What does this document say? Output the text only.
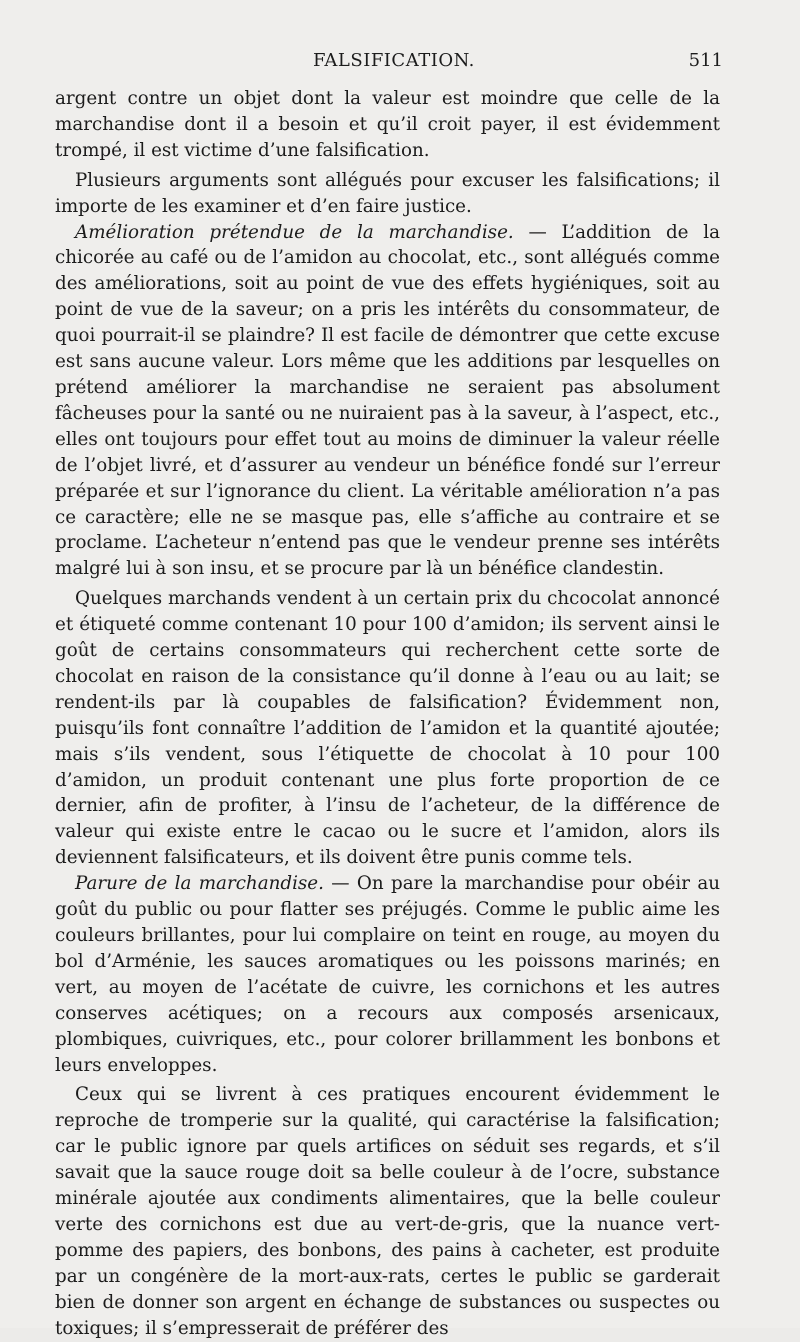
FALSIFICATION.	511

argent contre un objet dont la valeur est moindre que celle de la marchandise dont il a besoin et qu’il croit payer, il est évidemment trompé, il est victime d’une falsification.

Plusieurs arguments sont allégués pour excuser les falsifications; il importe de les examiner et d’en faire justice.

Amélioration prétendue de la marchandise. — L’addition de la chicorée au café ou de l’amidon au chocolat, etc., sont allégués comme des améliorations, soit au point de vue des effets hygiéniques, soit au point de vue de la saveur; on a pris les intérêts du consommateur, de quoi pourrait-il se plaindre? Il est facile de démontrer que cette excuse est sans aucune valeur. Lors même que les additions par lesquelles on prétend améliorer la marchandise ne seraient pas absolument fâcheuses pour la santé ou ne nuiraient pas à la saveur, à l’aspect, etc., elles ont toujours pour effet tout au moins de diminuer la valeur réelle de l’objet livré, et d’assurer au vendeur un bénéfice fondé sur l’erreur préparée et sur l’ignorance du client. La véritable amélioration n’a pas ce caractère; elle ne se masque pas, elle s’affiche au contraire et se proclame. L’acheteur n’entend pas que le vendeur prenne ses intérêts malgré lui à son insu, et se procure par là un bénéfice clandestin.

Quelques marchands vendent à un certain prix du chcocolat annoncé et étiqueté comme contenant 10 pour 100 d’amidon; ils servent ainsi le goût de certains consommateurs qui recherchent cette sorte de chocolat en raison de la consistance qu’il donne à l’eau ou au lait; se rendent-ils par là coupables de falsification? Évidemment non, puisqu’ils font connaître l’addition de l’amidon et la quantité ajoutée; mais s’ils vendent, sous l’étiquette de chocolat à 10 pour 100 d’amidon, un produit contenant une plus forte proportion de ce dernier, afin de profiter, à l’insu de l’acheteur, de la différence de valeur qui existe entre le cacao ou le sucre et l’amidon, alors ils deviennent falsificateurs, et ils doivent être punis comme tels.

Parure de la marchandise. — On pare la marchandise pour obéir au goût du public ou pour flatter ses préjugés. Comme le public aime les couleurs brillantes, pour lui complaire on teint en rouge, au moyen du bol d’Arménie, les sauces aromatiques ou les poissons marinés; en vert, au moyen de l’acétate de cuivre, les cornichons et les autres conserves acétiques; on a recours aux composés arsenicaux, plombiques, cuivriques, etc., pour colorer brillamment les bonbons et leurs enveloppes.

Ceux qui se livrent à ces pratiques encourent évidemment le reproche de tromperie sur la qualité, qui caractérise la falsification; car le public ignore par quels artifices on séduit ses regards, et s’il savait que la sauce rouge doit sa belle couleur à de l’ocre, substance minérale ajoutée aux condiments alimentaires, que la belle couleur verte des cornichons est due au vert-de-gris, que la nuance vert-pomme des papiers, des bonbons, des pains à cacheter, est produite par un congénère de la mort-aux-rats, certes le public se garderait bien de donner son argent en échange de substances ou suspectes ou toxiques; il s’empresserait de préférer des
